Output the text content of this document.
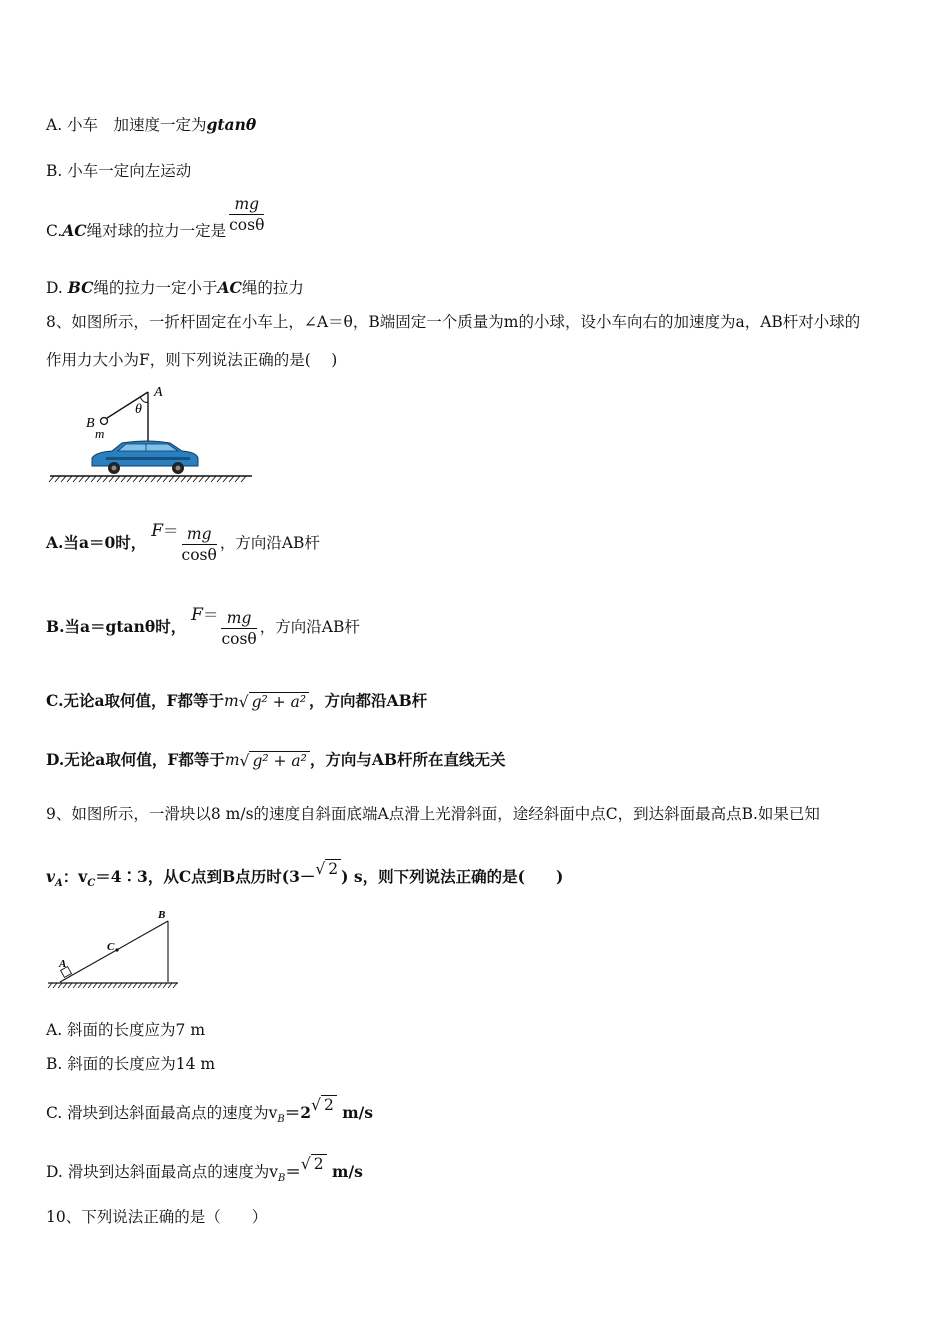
A. 小车　加速度一定为gtanθ
B. 小车一定向左运动
C.AC绳对球的拉力一定是 $\frac{mg}{\cos\theta}$
D. BC绳的拉力一定小于AC绳的拉力
8、如图所示，一折杆固定在小车上，∠A＝θ，B端固定一个质量为m的小球，设小车向右的加速度为a，AB杆对小球的
作用力大小为F，则下列说法正确的是(　 )
A
θ
B
m
A.当a＝0时， $F= \frac{mg}{\cos\theta}$ ，方向沿AB杆
B.当a＝gtanθ时， $F= \frac{mg}{\cos\theta}$ ，方向沿AB杆
C.无论a取何值，F都等于m√ g² + a² ，方向都沿AB杆
D.无论a取何值，F都等于m√ g² + a² ，方向与AB杆所在直线无关
9、如图所示，一滑块以8 m/s的速度自斜面底端A点滑上光滑斜面，途经斜面中点C，到达斜面最高点B.如果已知
$v_A$：$v_C=4∶3$，从C点到B点历时(3－√ 2 ) s，则下列说法正确的是(　　)
A
C
B
A. 斜面的长度应为7 m
B. 斜面的长度应为14 m
C. 滑块到达斜面最高点的速度为$v_B=2√$ 2 m/s
D. 滑块到达斜面最高点的速度为$v_B=√$ 2 m/s
10、下列说法正确的是（　　）
